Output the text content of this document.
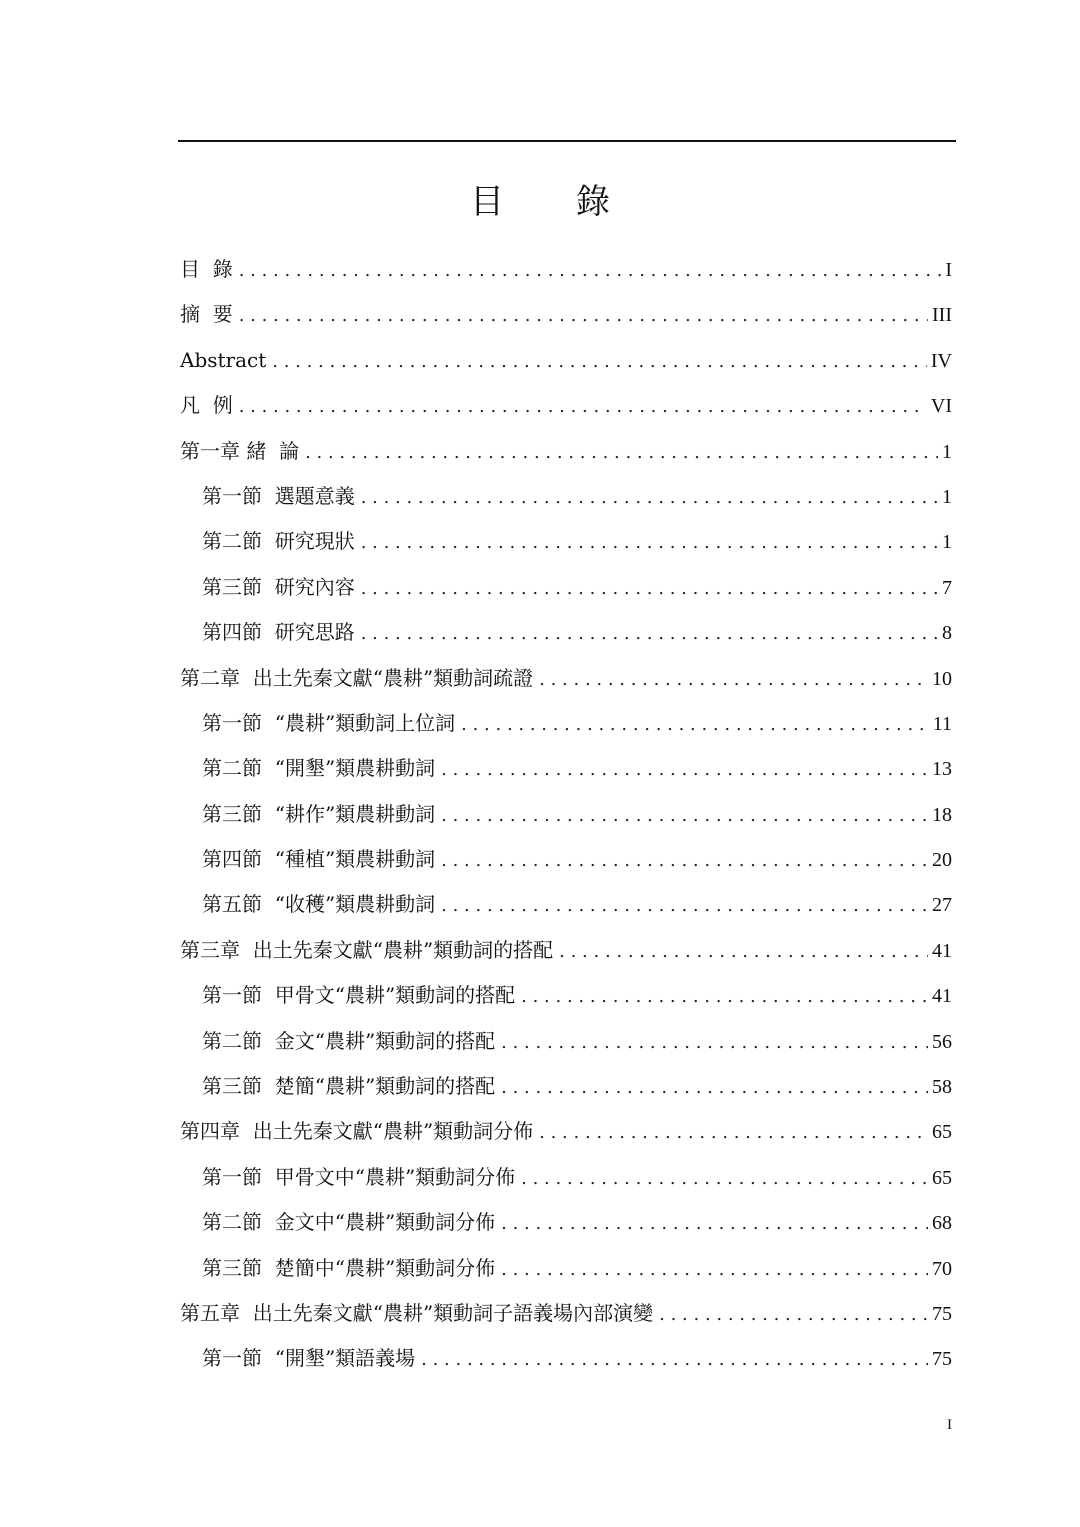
目 錄
目  錄 . . .	I
摘  要 . . .	III
Abstract . . .	IV
凡  例 . . .	VI
第一章 緒  論 . . .	1
第一節  選題意義 . . .	1
第二節  研究現狀 . . .	1
第三節  研究內容 . . .	7
第四節  研究思路 . . .	8
第二章  出土先秦文獻“農耕”類動詞疏證 . . .	10
第一節  “農耕”類動詞上位詞 . . .	11
第二節  “開墾”類農耕動詞 . . .	13
第三節  “耕作”類農耕動詞 . . .	18
第四節  “種植”類農耕動詞 . . .	20
第五節  “收穫”類農耕動詞 . . .	27
第三章  出土先秦文獻“農耕”類動詞的搭配 . . .	41
第一節  甲骨文“農耕”類動詞的搭配 . . .	41
第二節  金文“農耕”類動詞的搭配 . . .	56
第三節  楚簡“農耕”類動詞的搭配 . . .	58
第四章  出土先秦文獻“農耕”類動詞分佈 . . .	65
第一節  甲骨文中“農耕”類動詞分佈 . . .	65
第二節  金文中“農耕”類動詞分佈 . . .	68
第三節  楚簡中“農耕”類動詞分佈 . . .	70
第五章  出土先秦文獻“農耕”類動詞子語義場內部演變 . . .	75
第一節  “開墾”類語義場 . . .	75
I
